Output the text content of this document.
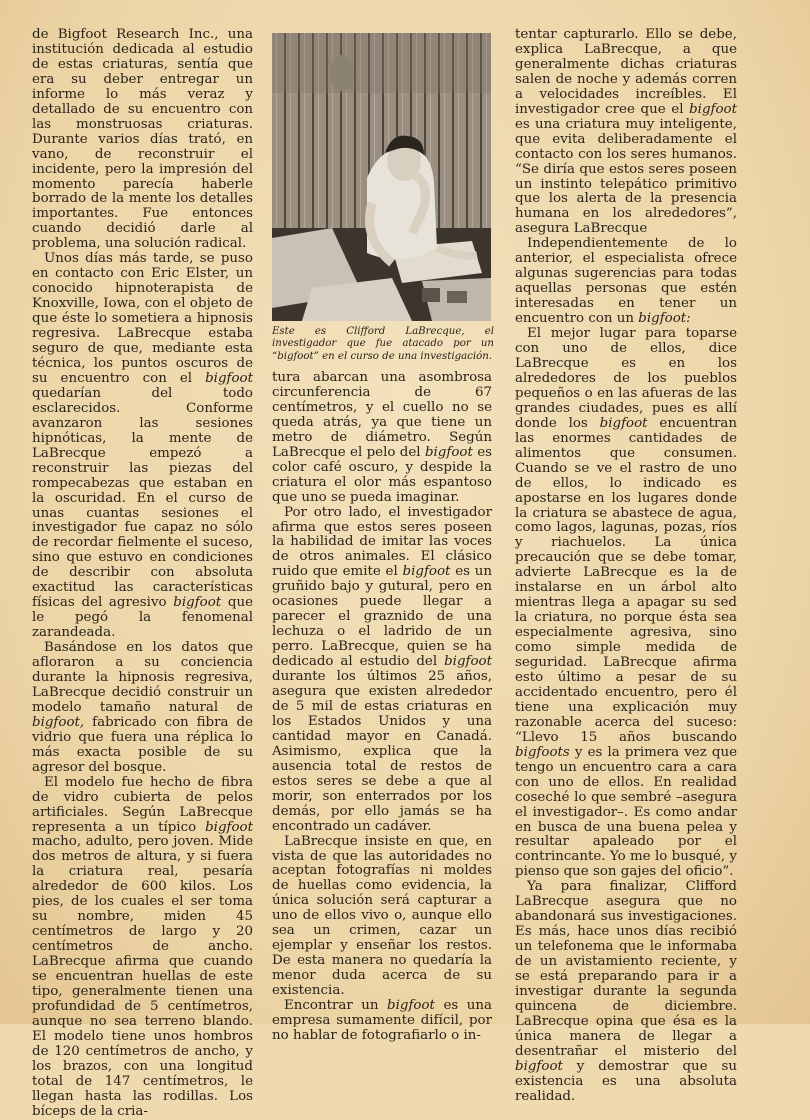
de Bigfoot Research Inc., una institución dedicada al estudio de estas criaturas, sentía que era su deber entregar un informe lo más veraz y detallado de su encuentro con las monstruosas criaturas. Durante varios días trató, en vano, de reconstruir el incidente, pero la impresión del momento parecía haberle borrado de la mente los detalles importantes. Fue entonces cuando decidió darle al problema, una solución radical.

Unos días más tarde, se puso en contacto con Eric Elster, un conocido hipnoterapista de Knoxville, Iowa, con el objeto de que éste lo sometiera a hipnosis regresiva. LaBrecque estaba seguro de que, mediante esta técnica, los puntos oscuros de su encuentro con el bigfoot quedarían del todo esclarecidos. Conforme avanzaron las sesiones hipnóticas, la mente de LaBrecque empezó a reconstruir las piezas del rompecabezas que estaban en la oscuridad. En el curso de unas cuantas sesiones el investigador fue capaz no sólo de recordar fielmente el suceso, sino que estuvo en condiciones de describir con absoluta exactitud las características físicas del agresivo bigfoot que le pegó la fenomenal zarandeada.

Basándose en los datos que afloraron a su conciencia durante la hipnosis regresiva, LaBrecque decidió construir un modelo tamaño natural de bigfoot, fabricado con fibra de vidrio que fuera una réplica lo más exacta posible de su agresor del bosque.

El modelo fue hecho de fibra de vidro cubierta de pelos artificiales. Según LaBrecque representa a un típico bigfoot macho, adulto, pero joven. Mide dos metros de altura, y si fuera la criatura real, pesaría alrededor de 600 kilos. Los pies, de los cuales el ser toma su nombre, miden 45 centímetros de largo y 20 centímetros de ancho. LaBrecque afirma que cuando se encuentran huellas de este tipo, generalmente tienen una profundidad de 5 centímetros, aunque no sea terreno blando. El modelo tiene unos hombros de 120 centímetros de ancho, y los brazos, con una longitud total de 147 centímetros, le llegan hasta las rodillas. Los bíceps de la cria-

Este es Clifford LaBrecque, el investigador que fue atacado por un “bigfoot” en el curso de una investigación.

tura abarcan una asombrosa circunferencia de 67 centímetros, y el cuello no se queda atrás, ya que tiene un metro de diámetro. Según LaBrecque el pelo del bigfoot es color café oscuro, y despide la criatura el olor más espantoso que uno se pueda imaginar.

Por otro lado, el investigador afirma que estos seres poseen la habilidad de imitar las voces de otros animales. El clásico ruido que emite el bigfoot es un gruñido bajo y gutural, pero en ocasiones puede llegar a parecer el graznido de una lechuza o el ladrido de un perro. LaBrecque, quien se ha dedicado al estudio del bigfoot durante los últimos 25 años, asegura que existen alrededor de 5 mil de estas criaturas en los Estados Unidos y una cantidad mayor en Canadá. Asimismo, explica que la ausencia total de restos de estos seres se debe a que al morir, son enterrados por los demás, por ello jamás se ha encontrado un cadáver.

LaBrecque insiste en que, en vista de que las autoridades no aceptan fotografías ni moldes de huellas como evidencia, la única solución será capturar a uno de ellos vivo o, aunque ello sea un crimen, cazar un ejemplar y enseñar los restos. De esta manera no quedaría la menor duda acerca de su existencia.

Encontrar un bigfoot es una empresa sumamente difícil, por no hablar de fotografiarlo o in-

tentar capturarlo. Ello se debe, explica LaBrecque, a que generalmente dichas criaturas salen de noche y además corren a velocidades increíbles. El investigador cree que el bigfoot es una criatura muy inteligente, que evita deliberadamente el contacto con los seres humanos. “Se diría que estos seres poseen un instinto telepático primitivo que los alerta de la presencia humana en los alrededores”, asegura LaBrecque

Independientemente de lo anterior, el especialista ofrece algunas sugerencias para todas aquellas personas que estén interesadas en tener un encuentro con un bigfoot:

El mejor lugar para toparse con uno de ellos, dice LaBrecque es en los alrededores de los pueblos pequeños o en las afueras de las grandes ciudades, pues es allí donde los bigfoot encuentran las enormes cantidades de alimentos que consumen. Cuando se ve el rastro de uno de ellos, lo indicado es apostarse en los lugares donde la criatura se abastece de agua, como lagos, lagunas, pozas, ríos y riachuelos. La única precaución que se debe tomar, advierte LaBrecque es la de instalarse en un árbol alto mientras llega a apagar su sed la criatura, no porque ésta sea especialmente agresiva, sino como simple medida de seguridad. LaBrecque afirma esto último a pesar de su accidentado encuentro, pero él tiene una explicación muy razonable acerca del suceso: “Llevo 15 años buscando bigfoots y es la primera vez que tengo un encuentro cara a cara con uno de ellos. En realidad coseché lo que sembré –asegura el investigador–. Es como andar en busca de una buena pelea y resultar apaleado por el contrincante. Yo me lo busqué, y pienso que son gajes del oficio”.

Ya para finalizar, Clifford LaBrecque asegura que no abandonará sus investigaciones. Es más, hace unos días recibió un telefonema que le informaba de un avistamiento reciente, y se está preparando para ir a investigar durante la segunda quincena de diciembre. LaBrecque opina que ésa es la única manera de llegar a desentrañar el misterio del bigfoot y demostrar que su existencia es una absoluta realidad.
